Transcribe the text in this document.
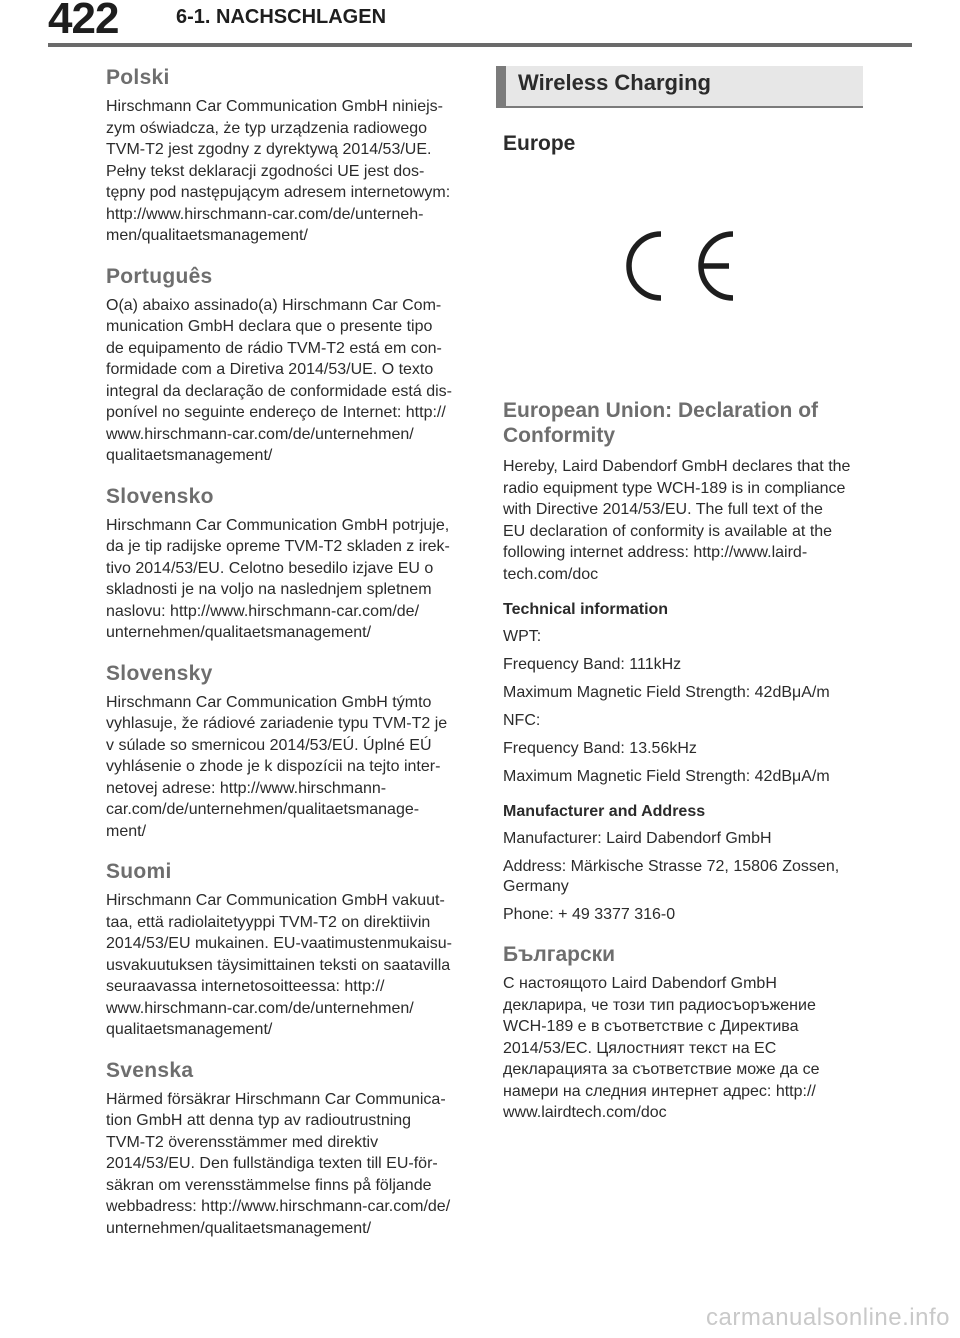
422	6-1. NACHSCHLAGEN
Polski

Hirschmann Car Communication GmbH niniejs-
zym oświadcza, że typ urządzenia radiowego
TVM-T2 jest zgodny z dyrektywą 2014/53/UE.
Pełny tekst deklaracji zgodności UE jest dos-
tępny pod następującym adresem internetowym:
http://www.hirschmann-car.com/de/unterneh-
men/qualitaetsmanagement/

Português

O(a) abaixo assinado(a) Hirschmann Car Com-
munication GmbH declara que o presente tipo
de equipamento de rádio TVM-T2 está em con-
formidade com a Diretiva 2014/53/UE. O texto
integral da declaração de conformidade está dis-
ponível no seguinte endereço de Internet: http://
www.hirschmann-car.com/de/unternehmen/
qualitaetsmanagement/

Slovensko

Hirschmann Car Communication GmbH potrjuje,
da je tip radijske opreme TVM-T2 skladen z irek-
tivo 2014/53/EU. Celotno besedilo izjave EU o
skladnosti je na voljo na naslednjem spletnem
naslovu: http://www.hirschmann-car.com/de/
unternehmen/qualitaetsmanagement/

Slovensky

Hirschmann Car Communication GmbH týmto
vyhlasuje, že rádiové zariadenie typu TVM-T2 je
v súlade so smernicou 2014/53/EÚ. Úplné EÚ
vyhlásenie o zhode je k dispozícii na tejto inter-
netovej adrese: http://www.hirschmann-
car.com/de/unternehmen/qualitaetsmanage-
ment/

Suomi

Hirschmann Car Communication GmbH vakuut-
taa, että radiolaitetyyppi TVM-T2 on direktiivin
2014/53/EU mukainen. EU-vaatimustenmukaisu-
usvakuutuksen täysimittainen teksti on saatavilla
seuraavassa internetosoitteessa: http://
www.hirschmann-car.com/de/unternehmen/
qualitaetsmanagement/

Svenska

Härmed försäkrar Hirschmann Car Communica-
tion GmbH att denna typ av radioutrustning
TVM-T2 överensstämmer med direktiv
2014/53/EU. Den fullständiga texten till EU-för-
säkran om verensstämmelse finns på följande
webbadress: http://www.hirschmann-car.com/de/
unternehmen/qualitaetsmanagement/

Wireless Charging
Europe
European Union: Declaration of Conformity

Hereby, Laird Dabendorf GmbH declares that the
radio equipment type WCH-189 is in compliance
with Directive 2014/53/EU. The full text of the
EU declaration of conformity is available at the
following internet address: http://www.laird-
tech.com/doc

Technical information

WPT:

Frequency Band: 111kHz

Maximum Magnetic Field Strength: 42dBμA/m

NFC:

Frequency Band: 13.56kHz

Maximum Magnetic Field Strength: 42dBμA/m

Manufacturer and Address

Manufacturer: Laird Dabendorf GmbH

Address: Märkische Strasse 72, 15806 Zossen,
Germany

Phone: + 49 3377 316-0

Български

С настоящото Laird Dabendorf GmbH
декларира, че този тип радиосъоръжение
WCH-189 е в съответствие с Директива
2014/53/ЕС. Цялостният текст на ЕС
декларацията за съответствие може да се
намери на следния интернет адрес: http://
www.lairdtech.com/doc

carmanualsonline.info
